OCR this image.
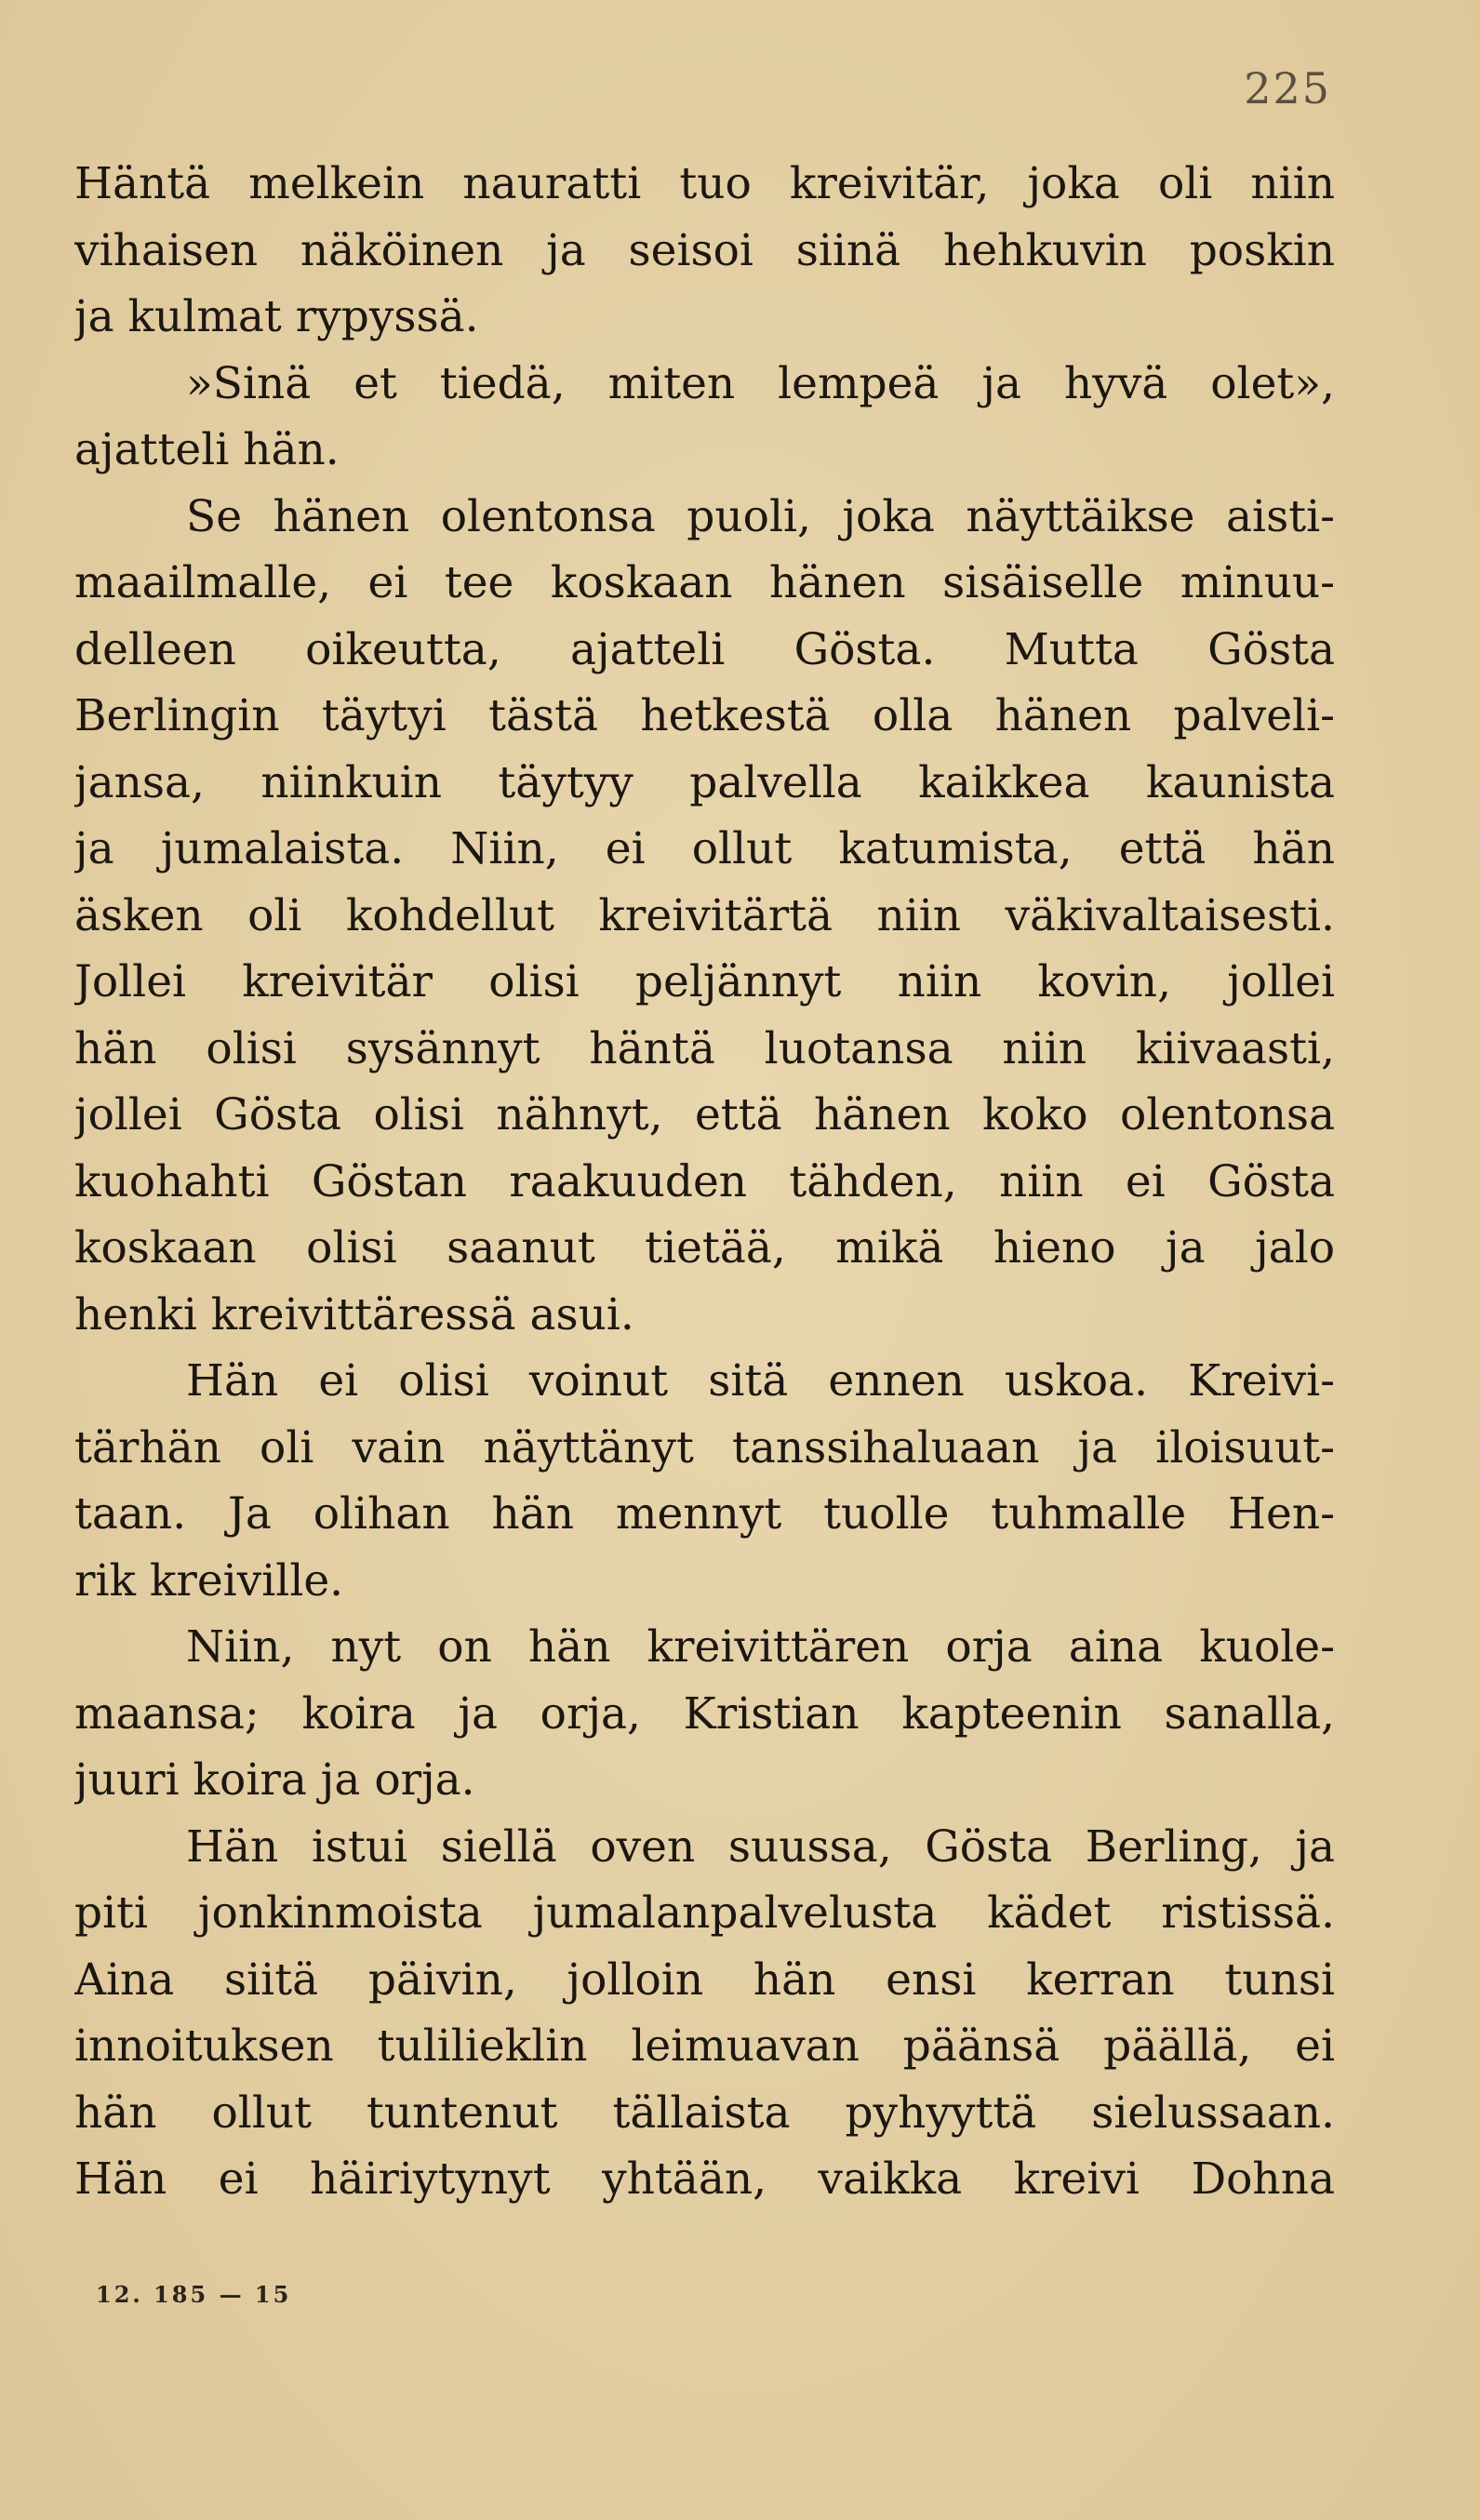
225
Häntä melkein nauratti tuo kreivitär, joka oli niin
vihaisen näköinen ja seisoi siinä hehkuvin poskin
ja kulmat rypyssä.
»Sinä et tiedä, miten lempeä ja hyvä olet»,
ajatteli hän.
Se hänen olentonsa puoli, joka näyttäikse aisti-
maailmalle, ei tee koskaan hänen sisäiselle minuu-
delleen oikeutta, ajatteli Gösta. Mutta Gösta
Berlingin täytyi tästä hetkestä olla hänen palveli-
jansa, niinkuin täytyy palvella kaikkea kaunista
ja jumalaista. Niin, ei ollut katumista, että hän
äsken oli kohdellut kreivitärtä niin väkivaltaisesti.
Jollei kreivitär olisi peljännyt niin kovin, jollei
hän olisi sysännyt häntä luotansa niin kiivaasti,
jollei Gösta olisi nähnyt, että hänen koko olentonsa
kuohahti Göstan raakuuden tähden, niin ei Gösta
koskaan olisi saanut tietää, mikä hieno ja jalo
henki kreivittäressä asui.
Hän ei olisi voinut sitä ennen uskoa. Kreivi-
tärhän oli vain näyttänyt tanssihaluaan ja iloisuut-
taan. Ja olihan hän mennyt tuolle tuhmalle Hen-
rik kreiville.
Niin, nyt on hän kreivittären orja aina kuole-
maansa; koira ja orja, Kristian kapteenin sanalla,
juuri koira ja orja.
Hän istui siellä oven suussa, Gösta Berling, ja
piti jonkinmoista jumalanpalvelusta kädet ristissä.
Aina siitä päivin, jolloin hän ensi kerran tunsi
innoituksen tulilieklin leimuavan päänsä päällä, ei
hän ollut tuntenut tällaista pyhyyttä sielussaan.
Hän ei häiriytynyt yhtään, vaikka kreivi Dohna
12. 185 — 15
